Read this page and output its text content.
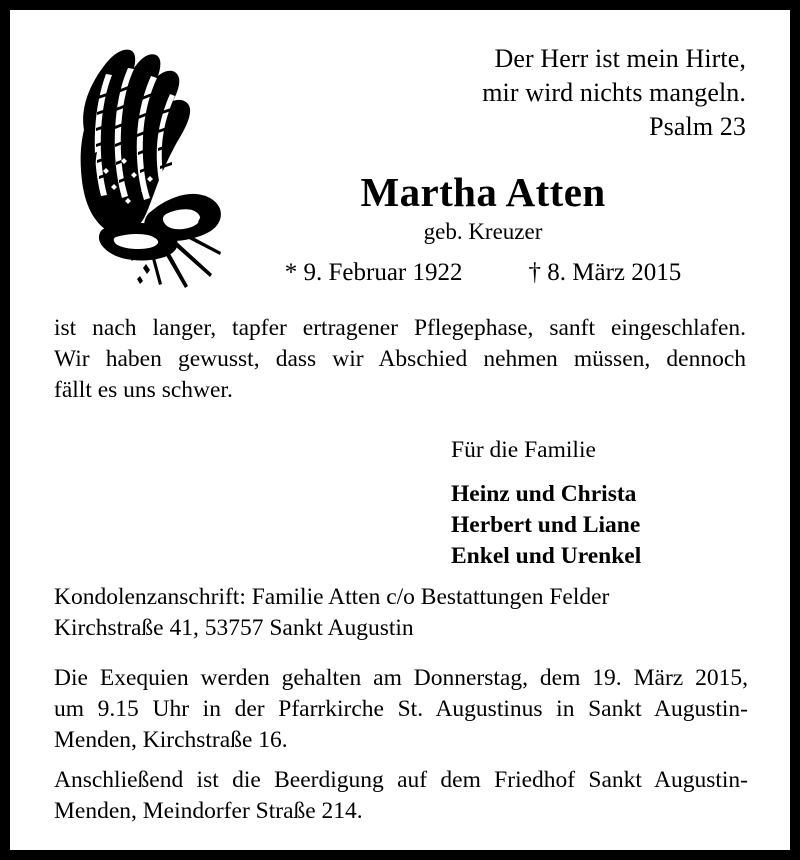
Der Herr ist mein Hirte,
mir wird nichts mangeln.
Psalm 23
Martha Atten
geb. Kreuzer
* 9. Februar 1922	† 8. März 2015

ist nach langer, tapfer ertragener Pflegephase, sanft eingeschlafen.
Wir haben gewusst, dass wir Abschied nehmen müssen, dennoch
fällt es uns schwer.

Für die Familie
Heinz und Christa
Herbert und Liane
Enkel und Urenkel
Kondolenzanschrift: Familie Atten c/o Bestattungen Felder
Kirchstraße 41, 53757 Sankt Augustin
Die Exequien werden gehalten am Donnerstag, dem 19. März 2015,
um 9.15 Uhr in der Pfarrkirche St. Augustinus in Sankt Augustin-
Menden, Kirchstraße 16.
Anschließend ist die Beerdigung auf dem Friedhof Sankt Augustin-
Menden, Meindorfer Straße 214.
